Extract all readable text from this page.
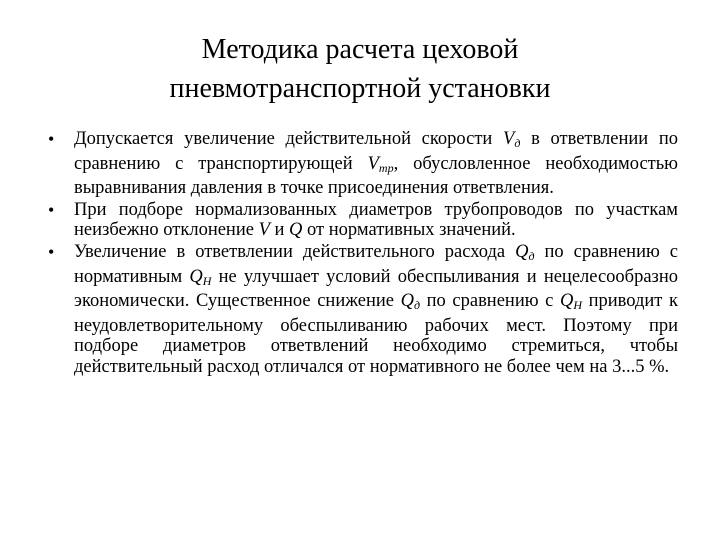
Методика расчета цеховой
пневмотранспортной установки
•	Допускается увеличение действительной скорости $V_д$ в ответвлении по сравнению с транспортирующей $V_{тр}$, обусловленное необходимостью выравнивания давления в точке присоединения ответвления.
•	При подборе нормализованных диаметров трубопроводов по участкам неизбежно отклонение V и Q от нормативных значений.
•	Увеличение в ответвлении действительного расхода $Q_д$ по сравнению с нормативным $Q_Н$ не улучшает условий обеспыливания и нецелесообразно экономически. Существенное снижение $Q_д$ по сравнению с $Q_Н$ приводит к неудовлетворительному обеспыливанию рабочих мест. Поэтому при подборе диаметров ответвлений необходимо стремиться, чтобы действительный расход отличался от нормативного не более чем на 3...5 %.
